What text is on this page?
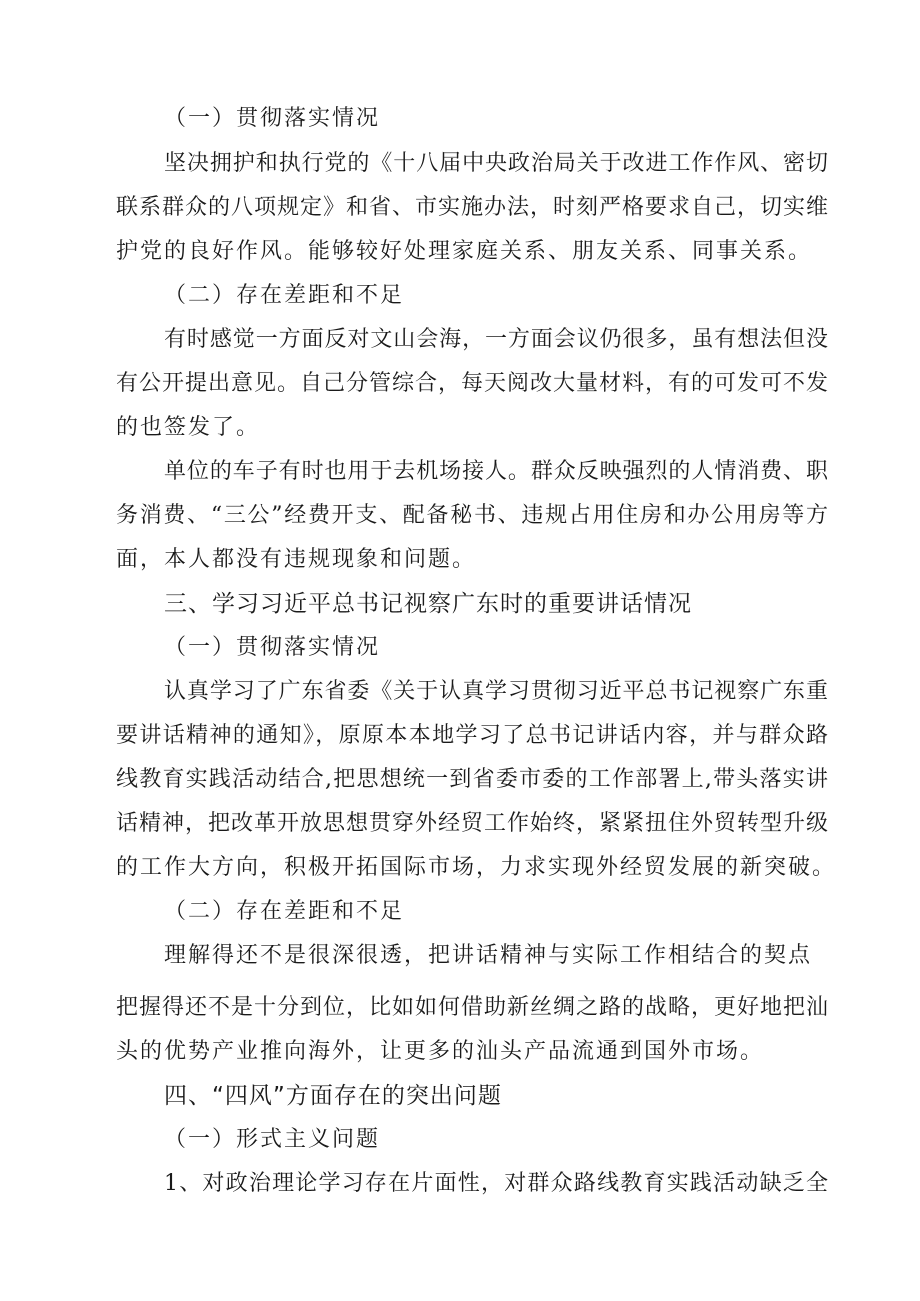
（一）贯彻落实情况

坚决拥护和执行党的《十八届中央政治局关于改进工作作风、密切

联系群众的八项规定》和省、市实施办法，时刻严格要求自己，切实维

护党的良好作风。能够较好处理家庭关系、朋友关系、同事关系。

（二）存在差距和不足

有时感觉一方面反对文山会海，一方面会议仍很多，虽有想法但没

有公开提出意见。自己分管综合，每天阅改大量材料，有的可发可不发

的也签发了。

单位的车子有时也用于去机场接人。群众反映强烈的人情消费、职

务消费、“三公”经费开支、配备秘书、违规占用住房和办公用房等方

面，本人都没有违规现象和问题。

三、学习习近平总书记视察广东时的重要讲话情况

（一）贯彻落实情况

认真学习了广东省委《关于认真学习贯彻习近平总书记视察广东重

要讲话精神的通知》，原原本本地学习了总书记讲话内容，并与群众路

线教育实践活动结合,把思想统一到省委市委的工作部署上,带头落实讲

话精神，把改革开放思想贯穿外经贸工作始终，紧紧扭住外贸转型升级

的工作大方向，积极开拓国际市场，力求实现外经贸发展的新突破。

（二）存在差距和不足

理解得还不是很深很透，把讲话精神与实际工作相结合的契点

把握得还不是十分到位，比如如何借助新丝绸之路的战略，更好地把汕

头的优势产业推向海外，让更多的汕头产品流通到国外市场。

四、“四风”方面存在的突出问题

（一）形式主义问题

1、对政治理论学习存在片面性，对群众路线教育实践活动缺乏全
